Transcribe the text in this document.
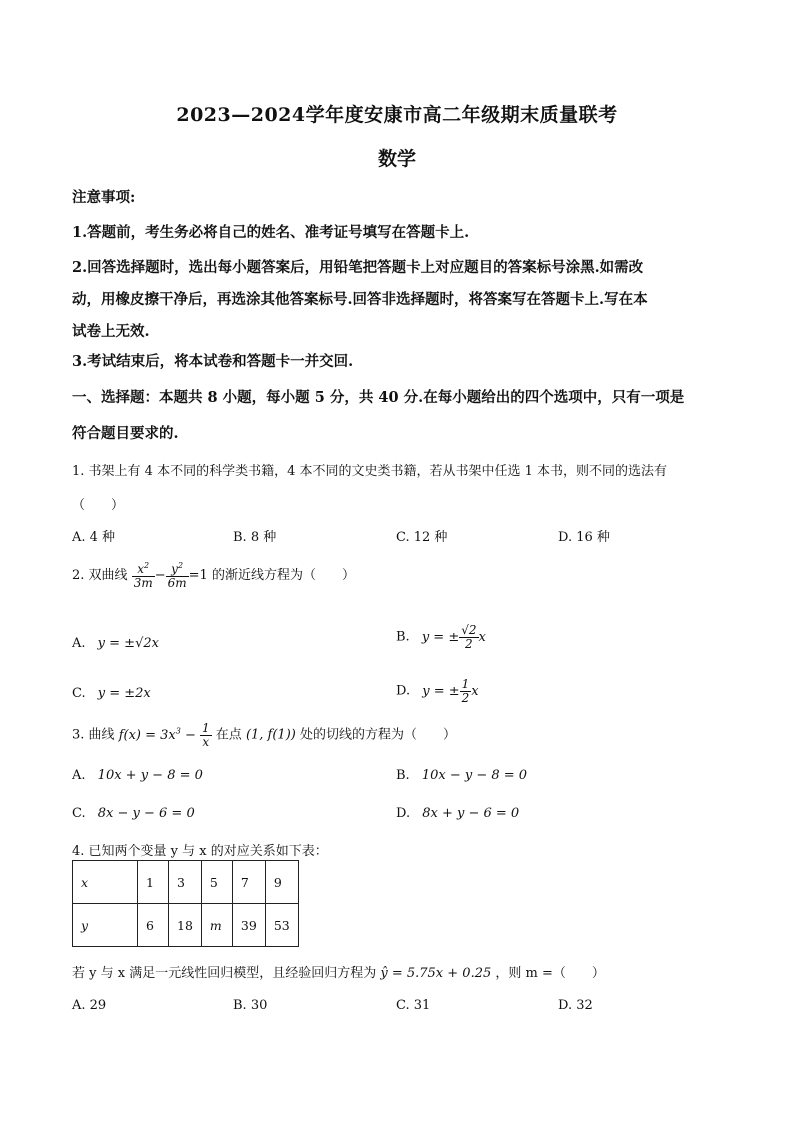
2023—2024学年度安康市高二年级期末质量联考
数学
注意事项:
1.答题前，考生务必将自己的姓名、准考证号填写在答题卡上.
2.回答选择题时，选出每小题答案后，用铅笔把答题卡上对应题目的答案标号涂黑.如需改
动，用橡皮擦干净后，再选涂其他答案标号.回答非选择题时，将答案写在答题卡上.写在本
试卷上无效.
3.考试结束后，将本试卷和答题卡一并交回.
一、选择题：本题共 8 小题，每小题 5 分，共 40 分.在每小题给出的四个选项中，只有一项是
符合题目要求的.
1. 书架上有 4 本不同的科学类书籍，4 本不同的文史类书籍，若从书架中任选 1 本书，则不同的选法有
（　　）
A. 4 种	B. 8 种	C. 12 种	D. 16 种
2. 双曲线 $\frac{x^2}{3m} - \frac{y^2}{6m} =1$ 的渐近线方程为（　　）
A. y = ±√2x	B. y = ± $\frac{√2}{2}$ x
C. y = ±2x	D. y = ± $\frac{1}{2}$ x
3. 曲线 $f(x) = 3x^3 - \frac{1}{x}$ 在点 (1, f(1)) 处的切线的方程为（　　）
A. 10x + y − 8 = 0	B. 10x − y − 8 = 0
C. 8x − y − 6 = 0	D. 8x + y − 6 = 0
4. 已知两个变量 y 与 x 的对应关系如下表：
x	1	3	5	7	9
y	6	18	m	39	53
若 y 与 x 满足一元线性回归模型，且经验回归方程为 ŷ = 5.75x + 0.25 ，则 m =（　　）
A. 29	B. 30	C. 31	D. 32
